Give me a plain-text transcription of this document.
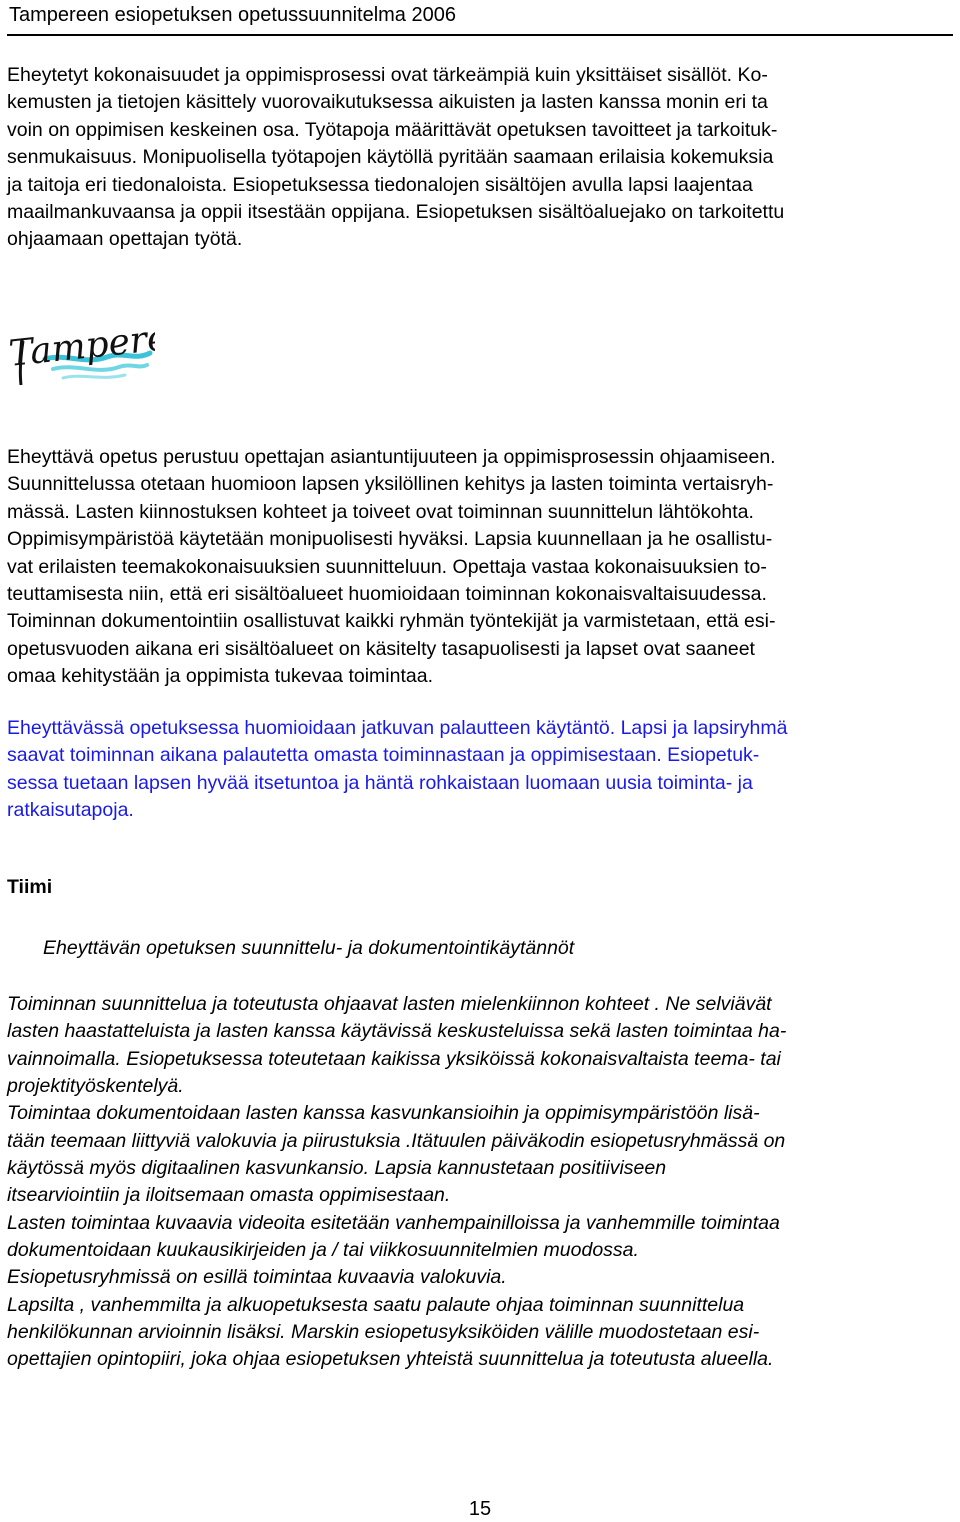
Tampereen esiopetuksen opetussuunnitelma 2006
Eheytetyt kokonaisuudet ja oppimisprosessi ovat tärkeämpiä kuin yksittäiset sisällöt. Ko-
kemusten ja tietojen käsittely vuorovaikutuksessa aikuisten ja lasten kanssa monin eri ta
voin on oppimisen keskeinen osa. Työtapoja määrittävät opetuksen tavoitteet ja tarkoituk-
senmukaisuus. Monipuolisella työtapojen käytöllä pyritään saamaan erilaisia kokemuksia
ja taitoja eri tiedonaloista. Esiopetuksessa tiedonalojen sisältöjen avulla lapsi laajentaa
maailmankuvaansa ja oppii itsestään oppijana. Esiopetuksen sisältöaluejako on tarkoitettu
ohjaamaan opettajan työtä.
Tampere
Eheyttävä opetus perustuu opettajan asiantuntijuuteen ja oppimisprosessin ohjaamiseen.
Suunnittelussa otetaan huomioon lapsen yksilöllinen kehitys ja lasten toiminta vertaisryh-
mässä. Lasten kiinnostuksen kohteet ja toiveet ovat toiminnan suunnittelun lähtökohta.
Oppimisympäristöä käytetään monipuolisesti hyväksi. Lapsia kuunnellaan ja he osallistu-
vat erilaisten teemakokonaisuuksien suunnitteluun. Opettaja vastaa kokonaisuuksien to-
teuttamisesta niin, että eri sisältöalueet huomioidaan toiminnan kokonaisvaltaisuudessa.
Toiminnan dokumentointiin osallistuvat kaikki ryhmän työntekijät ja varmistetaan, että esi-
opetusvuoden aikana eri sisältöalueet on käsitelty tasapuolisesti ja lapset ovat saaneet
omaa kehitystään ja oppimista tukevaa toimintaa.
Eheyttävässä opetuksessa huomioidaan jatkuvan palautteen käytäntö. Lapsi ja lapsiryhmä
saavat toiminnan aikana palautetta omasta toiminnastaan ja oppimisestaan. Esiopetuk-
sessa tuetaan lapsen hyvää itsetuntoa ja häntä rohkaistaan luomaan uusia toiminta- ja
ratkaisutapoja.
Tiimi

Eheyttävän opetuksen suunnittelu- ja dokumentointikäytännöt

Toiminnan suunnittelua ja toteutusta ohjaavat lasten mielenkiinnon kohteet . Ne selviävät
lasten haastatteluista ja lasten kanssa käytävissä keskusteluissa sekä lasten toimintaa ha-
vainnoimalla. Esiopetuksessa toteutetaan kaikissa yksiköissä kokonaisvaltaista teema- tai
projektityöskentelyä.
Toimintaa dokumentoidaan lasten kanssa kasvunkansioihin ja oppimisympäristöön lisä-
tään teemaan liittyviä valokuvia ja piirustuksia .Itätuulen päiväkodin esiopetusryhmässä on
käytössä myös digitaalinen kasvunkansio. Lapsia kannustetaan positiiviseen
itsearviointiin ja iloitsemaan omasta oppimisestaan.
Lasten toimintaa kuvaavia videoita esitetään vanhempainilloissa ja vanhemmille toimintaa
dokumentoidaan kuukausikirjeiden ja / tai viikkosuunnitelmien muodossa.
Esiopetusryhmissä on esillä toimintaa kuvaavia valokuvia.
Lapsilta , vanhemmilta ja alkuopetuksesta saatu palaute ohjaa toiminnan suunnittelua
henkilökunnan arvioinnin lisäksi. Marskin esiopetusyksiköiden välille muodostetaan esi-
opettajien opintopiiri, joka ohjaa esiopetuksen yhteistä suunnittelua ja toteutusta alueella.
15
